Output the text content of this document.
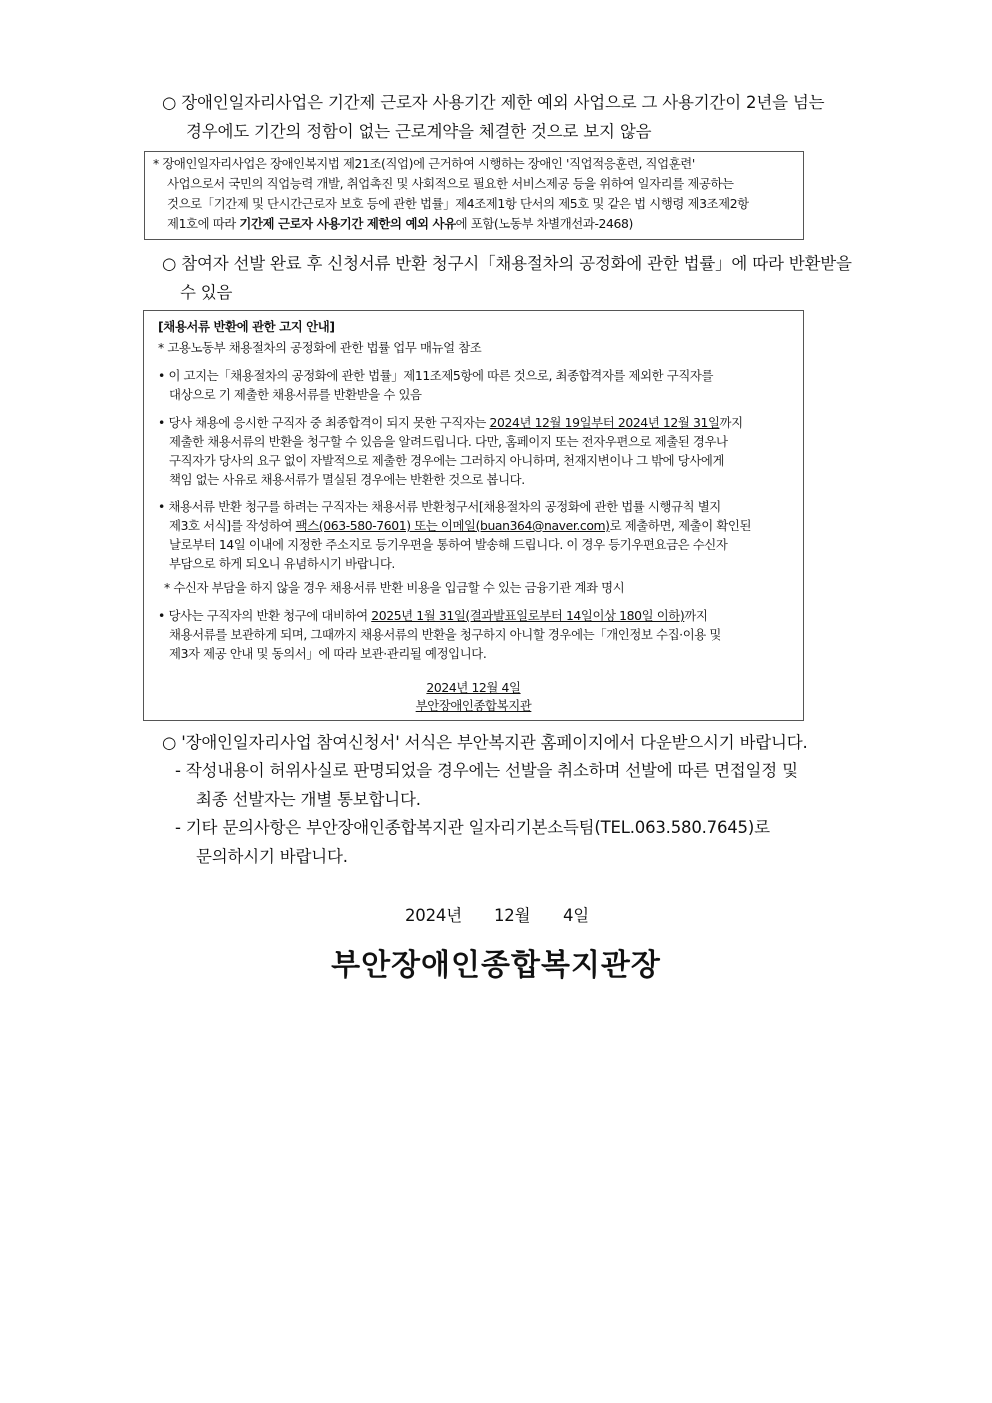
○ 장애인일자리사업은 기간제 근로자 사용기간 제한 예외 사업으로 그 사용기간이 2년을 넘는
경우에도 기간의 정함이 없는 근로계약을 체결한 것으로 보지 않음
* 장애인일자리사업은 장애인복지법 제21조(직업)에 근거하여 시행하는 장애인 '직업적응훈련, 직업훈련'
사업으로서 국민의 직업능력 개발, 취업촉진 및 사회적으로 필요한 서비스제공 등을 위하여 일자리를 제공하는
것으로「기간제 및 단시간근로자 보호 등에 관한 법률」제4조제1항 단서의 제5호 및 같은 법 시행령 제3조제2항
제1호에 따라 기간제 근로자 사용기간 제한의 예외 사유에 포함(노동부 차별개선과-2468)
○ 참여자 선발 완료 후 신청서류 반환 청구시「채용절차의 공정화에 관한 법률」에 따라 반환받을
수 있음
[채용서류 반환에 관한 고지 안내]
* 고용노동부 채용절차의 공정화에 관한 법률 업무 매뉴얼 참조
• 이 고지는「채용절차의 공정화에 관한 법률」제11조제5항에 따른 것으로, 최종합격자를 제외한 구직자를
대상으로 기 제출한 채용서류를 반환받을 수 있음
• 당사 채용에 응시한 구직자 중 최종합격이 되지 못한 구직자는 2024년 12월 19일부터 2024년 12월 31일까지
제출한 채용서류의 반환을 청구할 수 있음을 알려드립니다. 다만, 홈페이지 또는 전자우편으로 제출된 경우나
구직자가 당사의 요구 없이 자발적으로 제출한 경우에는 그러하지 아니하며, 천재지변이나 그 밖에 당사에게
책임 없는 사유로 채용서류가 멸실된 경우에는 반환한 것으로 봅니다.
• 채용서류 반환 청구를 하려는 구직자는 채용서류 반환청구서[채용절차의 공정화에 관한 법률 시행규칙 별지
제3호 서식]를 작성하여 팩스(063-580-7601) 또는 이메일(buan364@naver.com)로 제출하면, 제출이 확인된
날로부터 14일 이내에 지정한 주소지로 등기우편을 통하여 발송해 드립니다. 이 경우 등기우편요금은 수신자
부담으로 하게 되오니 유념하시기 바랍니다.
* 수신자 부담을 하지 않을 경우 채용서류 반환 비용을 입금할 수 있는 금융기관 계좌 명시
• 당사는 구직자의 반환 청구에 대비하여 2025년 1월 31일(결과발표일로부터 14일이상 180일 이하)까지
채용서류를 보관하게 되며, 그때까지 채용서류의 반환을 청구하지 아니할 경우에는「개인정보 수집·이용 및
제3자 제공 안내 및 동의서」에 따라 보관·관리될 예정입니다.
2024년 12월 4일
부안장애인종합복지관
○ '장애인일자리사업 참여신청서' 서식은 부안복지관 홈페이지에서 다운받으시기 바랍니다.
- 작성내용이 허위사실로 판명되었을 경우에는 선발을 취소하며 선발에 따른 면접일정 및
최종 선발자는 개별 통보합니다.
- 기타 문의사항은 부안장애인종합복지관 일자리기본소득팀(TEL.063.580.7645)로
문의하시기 바랍니다.
2024년 12월 4일
부안장애인종합복지관장
